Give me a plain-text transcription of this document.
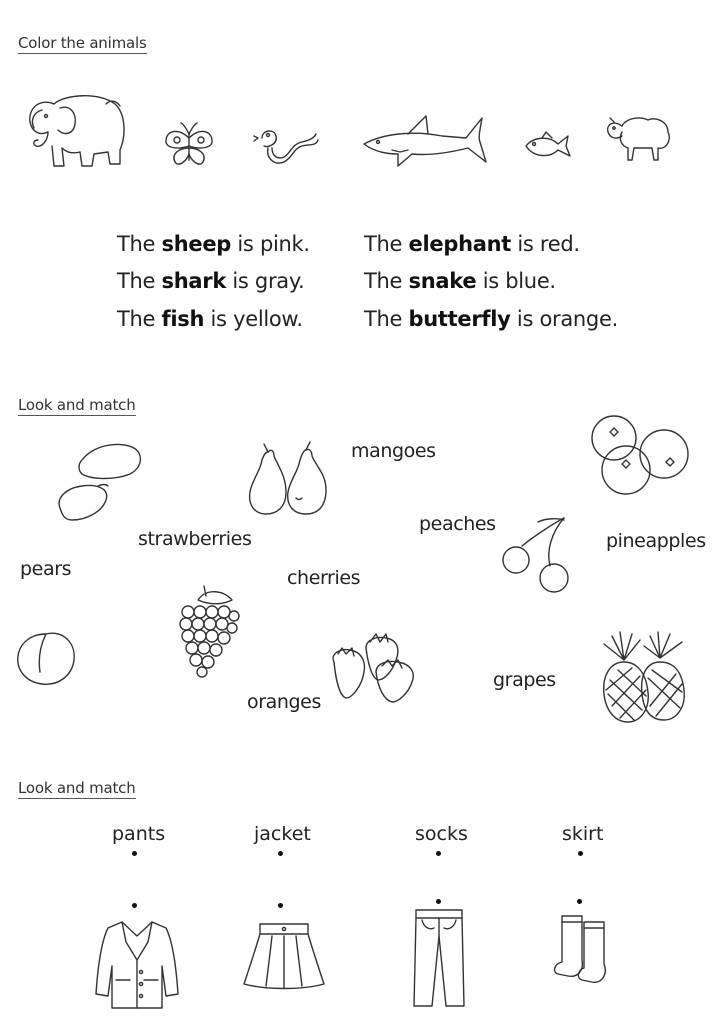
Color the animals
The sheep is pink.
The shark is gray.
The fish is yellow.
The elephant is red.
The snake is blue.
The butterfly is orange.
Look and match
mangoes
strawberries
peaches
pineapples
pears	cherries
oranges
grapes
Look and match
pants	jacket	socks	skirt
